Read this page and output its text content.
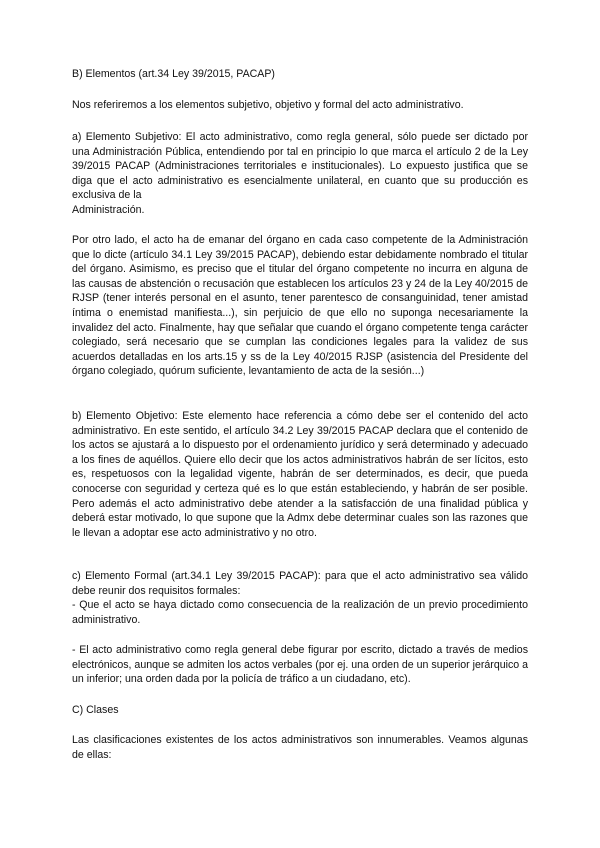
B) Elementos (art.34 Ley 39/2015, PACAP)

Nos referiremos a los elementos subjetivo, objetivo y formal del acto administrativo.

a) Elemento Subjetivo: El acto administrativo, como regla general, sólo puede ser dictado por una Administración Pública, entendiendo por tal en principio lo que marca el artículo 2 de la Ley 39/2015 PACAP (Administraciones territoriales e institucionales). Lo expuesto justifica que se diga que el acto administrativo es esencialmente unilateral, en cuanto que su producción es exclusiva de la
Administración.

Por otro lado, el acto ha de emanar del órgano en cada caso competente de la Administración que lo dicte (artículo 34.1 Ley 39/2015 PACAP), debiendo estar debidamente nombrado el titular del órgano. Asimismo, es preciso que el titular del órgano competente no incurra en alguna de las causas de abstención o recusación que establecen los artículos 23 y 24 de la Ley 40/2015 de RJSP (tener interés personal en el asunto, tener parentesco de consanguinidad, tener amistad íntima o enemistad manifiesta...), sin perjuicio de que ello no suponga necesariamente la invalidez del acto. Finalmente, hay que señalar que cuando el órgano competente tenga carácter colegiado, será necesario que se cumplan las condiciones legales para la validez de sus acuerdos detalladas en los arts.15 y ss de la Ley 40/2015 RJSP (asistencia del Presidente del órgano colegiado, quórum suficiente, levantamiento de acta de la sesión...)

b) Elemento Objetivo: Este elemento hace referencia a cómo debe ser el contenido del acto administrativo. En este sentido, el artículo 34.2 Ley 39/2015 PACAP declara que el contenido de los actos se ajustará a lo dispuesto por el ordenamiento jurídico y será determinado y adecuado a los fines de aquéllos. Quiere ello decir que los actos administrativos habrán de ser lícitos, esto es, respetuosos con la legalidad vigente, habrán de ser determinados, es decir, que pueda conocerse con seguridad y certeza qué es lo que están estableciendo, y habrán de ser posible. Pero además el acto administrativo debe atender a la satisfacción de una finalidad pública y deberá estar motivado, lo que supone que la Admx debe determinar cuales son las razones que le llevan a adoptar ese acto administrativo y no otro.

c) Elemento Formal (art.34.1 Ley 39/2015 PACAP): para que el acto administrativo sea válido debe reunir dos requisitos formales:

- Que el acto se haya dictado como consecuencia de la realización de un previo procedimiento administrativo.

- El acto administrativo como regla general debe figurar por escrito, dictado a través de medios electrónicos, aunque se admiten los actos verbales (por ej. una orden de un superior jerárquico a un inferior; una orden dada por la policía de tráfico a un ciudadano, etc).

C) Clases

Las clasificaciones existentes de los actos administrativos son innumerables. Veamos algunas de ellas:
